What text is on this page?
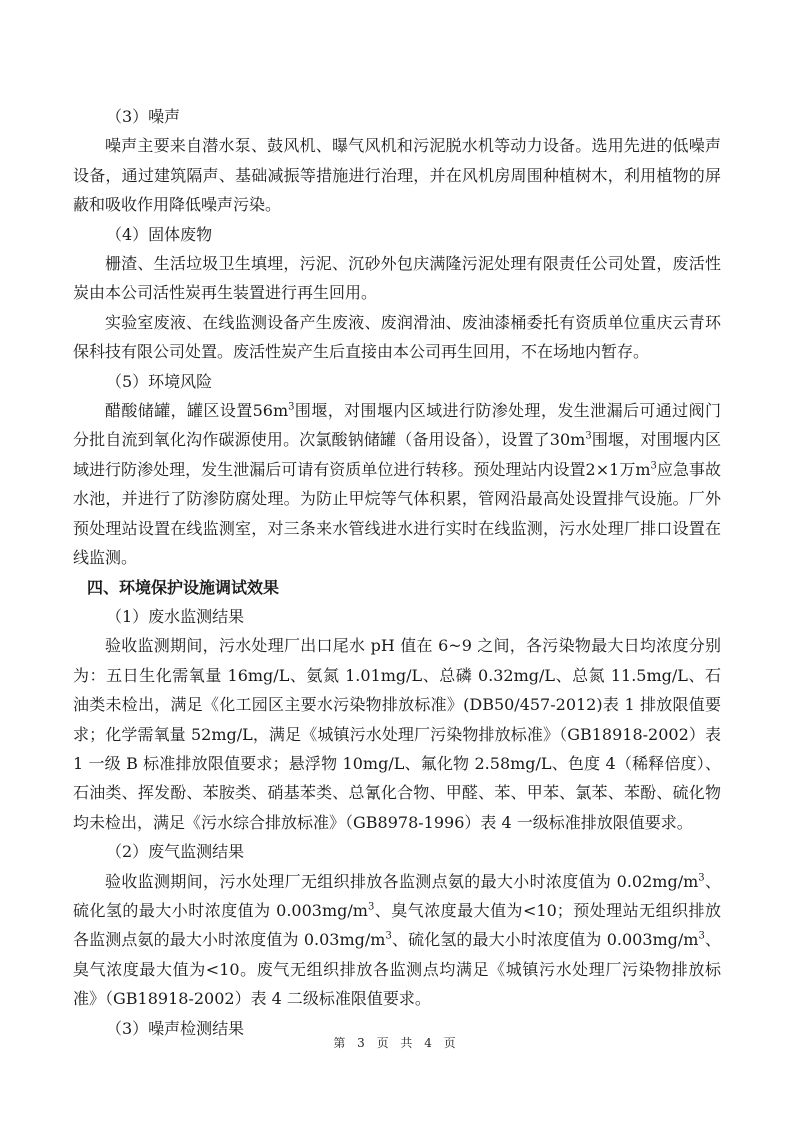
（3）噪声

噪声主要来自潜水泵、鼓风机、曝气风机和污泥脱水机等动力设备。选用先进的低噪声设备，通过建筑隔声、基础减振等措施进行治理，并在风机房周围种植树木，利用植物的屏蔽和吸收作用降低噪声污染。

（4）固体废物

栅渣、生活垃圾卫生填埋，污泥、沉砂外包庆满隆污泥处理有限责任公司处置，废活性炭由本公司活性炭再生装置进行再生回用。

实验室废液、在线监测设备产生废液、废润滑油、废油漆桶委托有资质单位重庆云青环保科技有限公司处置。废活性炭产生后直接由本公司再生回用，不在场地内暂存。

（5）环境风险

醋酸储罐，罐区设置$56m^3$围堰，对围堰内区域进行防渗处理，发生泄漏后可通过阀门分批自流到氧化沟作碳源使用。次氯酸钠储罐（备用设备），设置了$30m^3$围堰，对围堰内区域进行防渗处理，发生泄漏后可请有资质单位进行转移。预处理站内设置2×1万$m^3$应急事故水池，并进行了防渗防腐处理。为防止甲烷等气体积累，管网沿最高处设置排气设施。厂外预处理站设置在线监测室，对三条来水管线进水进行实时在线监测，污水处理厂排口设置在线监测。

四、环境保护设施调试效果
（1）废水监测结果

验收监测期间，污水处理厂出口尾水 pH 值在 6~9 之间，各污染物最大日均浓度分别为：五日生化需氧量 16mg/L、氨氮 1.01mg/L、总磷 0.32mg/L、总氮 11.5mg/L、石油类未检出，满足《化工园区主要水污染物排放标准》(DB50/457-2012)表 1 排放限值要求；化学需氧量 52mg/L，满足《城镇污水处理厂污染物排放标准》（GB18918-2002）表 1 一级 B 标准排放限值要求；悬浮物 10mg/L、氟化物 2.58mg/L、色度 4（稀释倍度）、石油类、挥发酚、苯胺类、硝基苯类、总氰化合物、甲醛、苯、甲苯、氯苯、苯酚、硫化物均未检出，满足《污水综合排放标准》（GB8978-1996）表 4 一级标准排放限值要求。

（2）废气监测结果

验收监测期间，污水处理厂无组织排放各监测点氨的最大小时浓度值为 $0.02mg/m^3$、硫化氢的最大小时浓度值为 $0.003mg/m^3$、臭气浓度最大值为<10；预处理站无组织排放各监测点氨的最大小时浓度值为 $0.03mg/m^3$、硫化氢的最大小时浓度值为 $0.003mg/m^3$、臭气浓度最大值为<10。废气无组织排放各监测点均满足《城镇污水处理厂污染物排放标准》（GB18918-2002）表 4 二级标准限值要求。

（3）噪声检测结果
第 3 页 共 4 页
